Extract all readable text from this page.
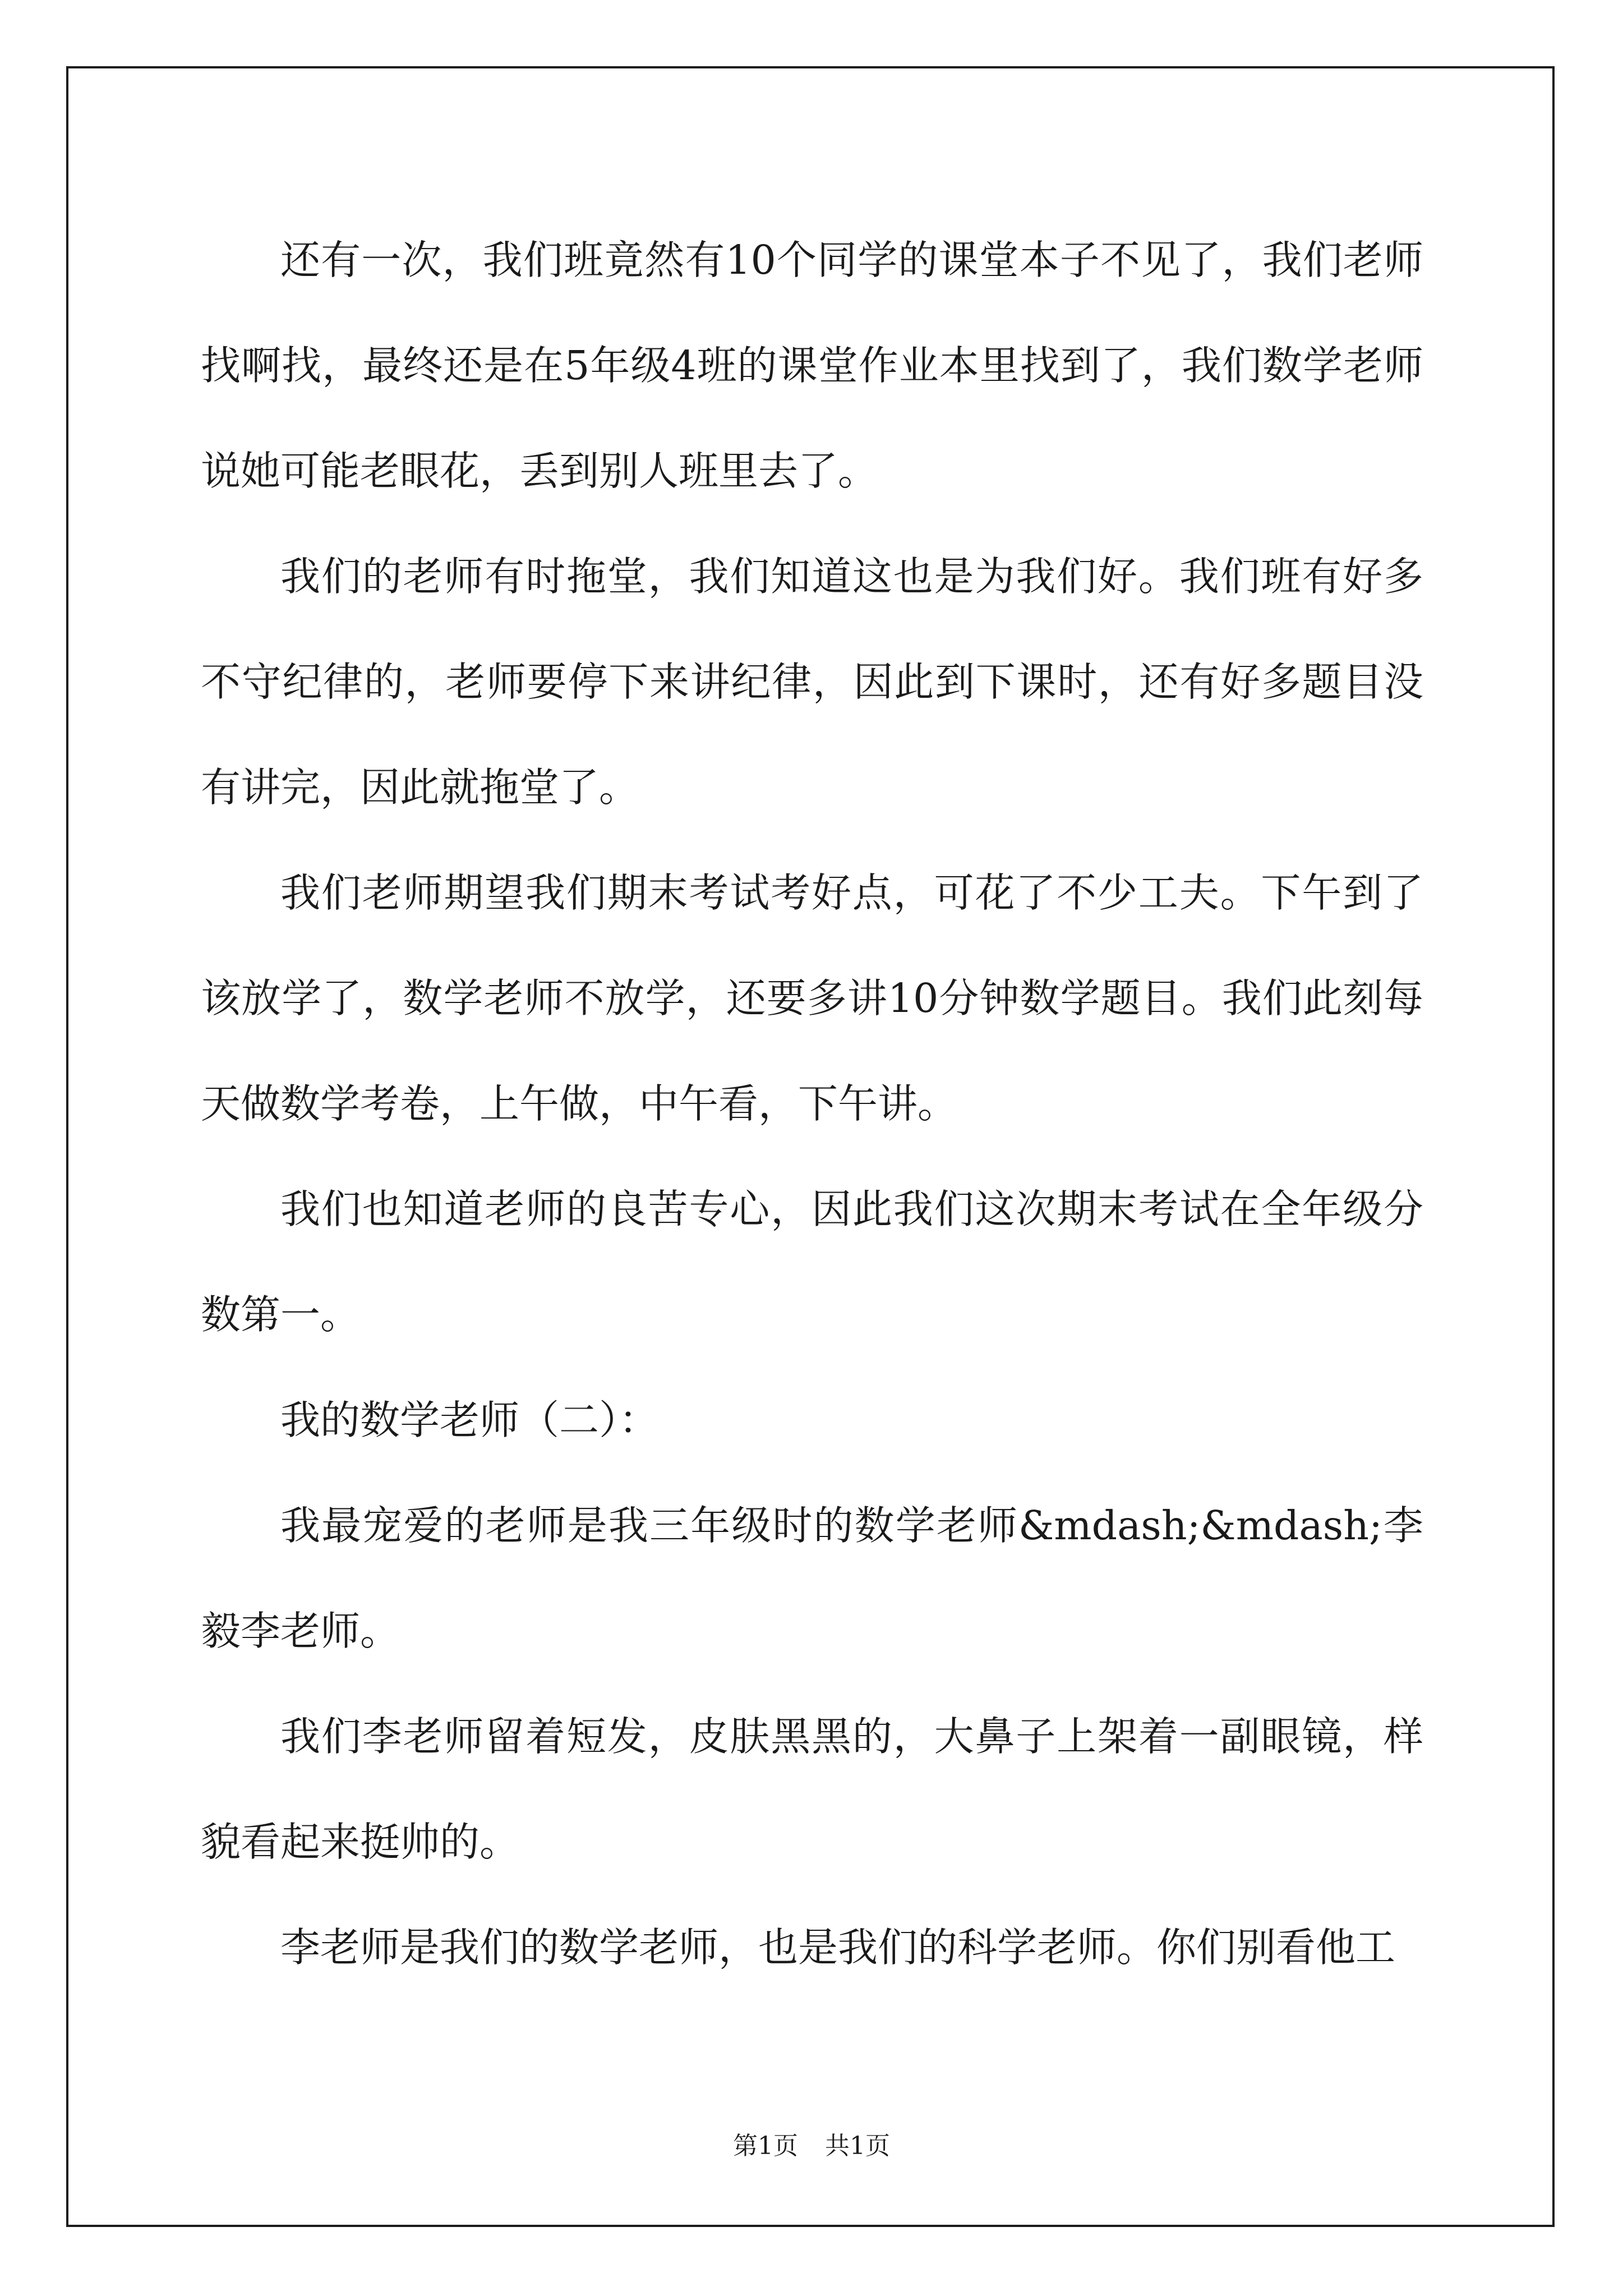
还有一次，我们班竟然有10个同学的课堂本子不见了，我们老师找啊找，最终还是在5年级4班的课堂作业本里找到了，我们数学老师说她可能老眼花，丢到别人班里去了。

我们的老师有时拖堂，我们知道这也是为我们好。我们班有好多不守纪律的，老师要停下来讲纪律，因此到下课时，还有好多题目没有讲完，因此就拖堂了。

我们老师期望我们期末考试考好点，可花了不少工夫。下午到了该放学了，数学老师不放学，还要多讲10分钟数学题目。我们此刻每天做数学考卷，上午做，中午看，下午讲。

我们也知道老师的良苦专心，因此我们这次期末考试在全年级分数第一。

我的数学老师（二）：

我最宠爱的老师是我三年级时的数学老师&mdash;&mdash;李毅李老师。

我们李老师留着短发，皮肤黑黑的，大鼻子上架着一副眼镜，样貌看起来挺帅的。

李老师是我们的数学老师，也是我们的科学老师。你们别看他工

第1页 共1页
